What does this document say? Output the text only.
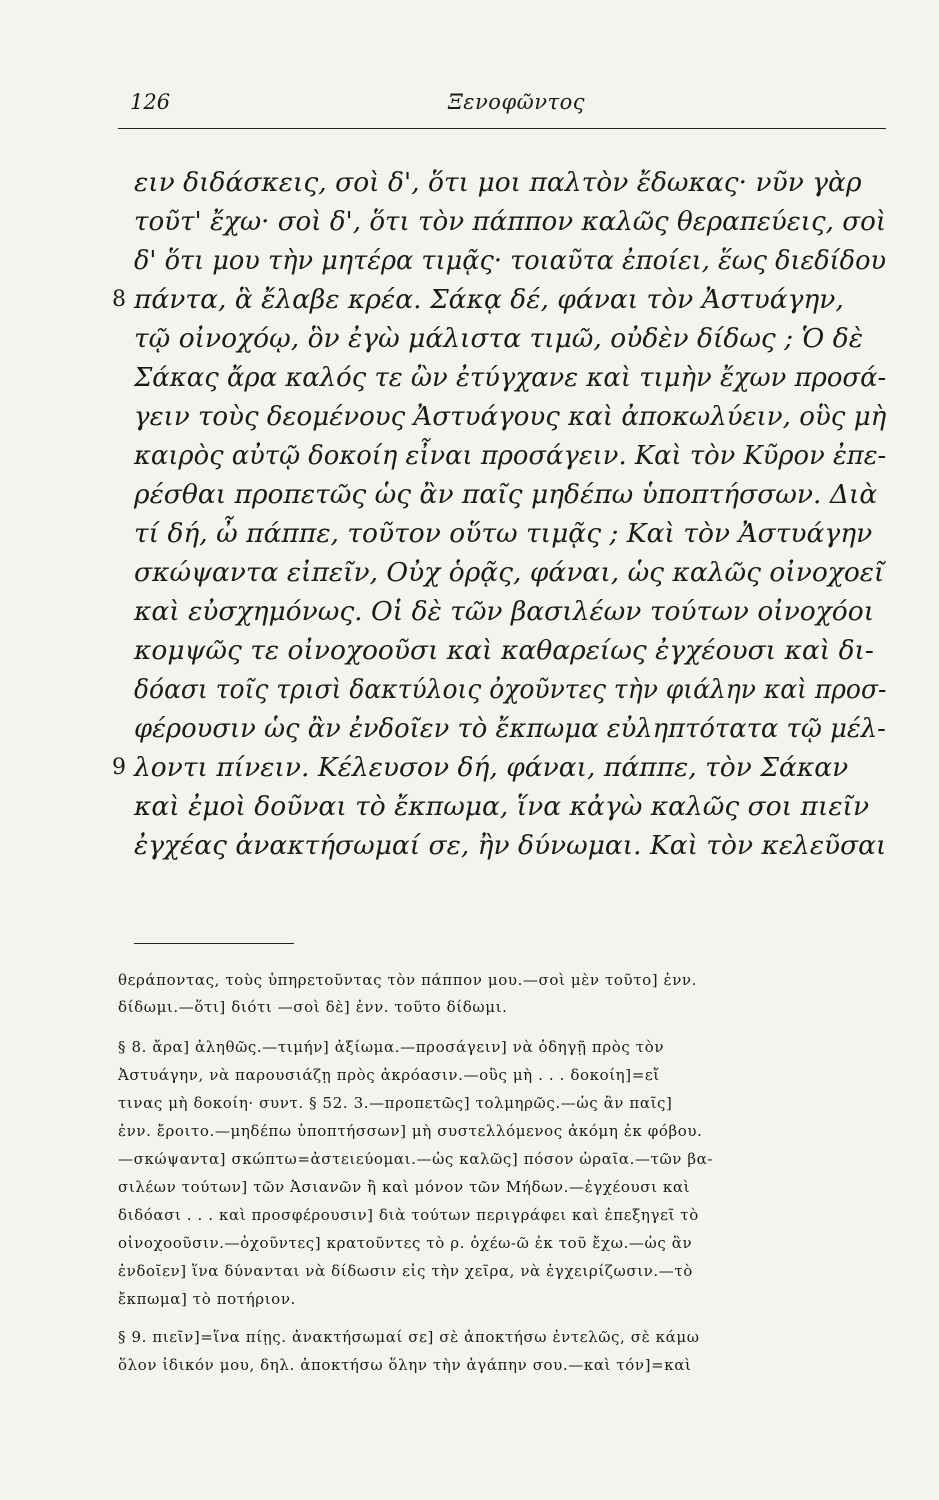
126	Ξενοφῶντος
ειν διδάσκεις, σοὶ δ', ὅτι μοι παλτὸν ἔδωκας· νῦν γὰρ
τοῦτ' ἔχω· σοὶ δ', ὅτι τὸν πάππον καλῶς θεραπεύεις, σοὶ
δ' ὅτι μου τὴν μητέρα τιμᾷς· τοιαῦτα ἐποίει, ἕως διεδίδου
8 πάντα, ἃ ἔλαβε κρέα. Σάκᾳ δέ, φάναι τὸν Ἀστυάγην,
τῷ οἰνοχόῳ, ὃν ἐγὼ μάλιστα τιμῶ, οὐδὲν δίδως ; Ὁ δὲ
Σάκας ἄρα καλός τε ὢν ἐτύγχανε καὶ τιμὴν ἔχων προσά-
γειν τοὺς δεομένους Ἀστυάγους καὶ ἀποκωλύειν, οὓς μὴ
καιρὸς αὐτῷ δοκοίη εἶναι προσάγειν. Καὶ τὸν Κῦρον ἐπε-
ρέσθαι προπετῶς ὡς ἂν παῖς μηδέπω ὑποπτήσσων. Διὰ
τί δή, ὦ πάππε, τοῦτον οὕτω τιμᾷς ; Καὶ τὸν Ἀστυάγην
σκώψαντα εἰπεῖν, Οὐχ ὁρᾷς, φάναι, ὡς καλῶς οἰνοχοεῖ
καὶ εὐσχημόνως. Οἱ δὲ τῶν βασιλέων τούτων οἰνοχόοι
κομψῶς τε οἰνοχοοῦσι καὶ καθαρείως ἐγχέουσι καὶ δι-
δόασι τοῖς τρισὶ δακτύλοις ὀχοῦντες τὴν φιάλην καὶ προσ-
φέρουσιν ὡς ἂν ἐνδοῖεν τὸ ἔκπωμα εὐληπτότατα τῷ μέλ-
9 λοντι πίνειν. Κέλευσον δή, φάναι, πάππε, τὸν Σάκαν
καὶ ἐμοὶ δοῦναι τὸ ἔκπωμα, ἵνα κἀγὼ καλῶς σοι πιεῖν
ἐγχέας ἀνακτήσωμαί σε, ἢν δύνωμαι. Καὶ τὸν κελεῦσαι
θεράποντας, τοὺς ὑπηρετοῦντας τὸν πάππον μου.—σοὶ μὲν τοῦτο] ἐνν.
δίδωμι.—ὅτι] διότι —σοὶ δὲ] ἐνν. τοῦτο δίδωμι.
§ 8. ἄρα] ἀληθῶς.—τιμήν] ἀξίωμα.—προσάγειν] νὰ ὁδηγῇ πρὸς τὸν
Ἀστυάγην, νὰ παρουσιάζῃ πρὸς ἀκρόασιν.—οὓς μὴ . . . δοκοίη]=εἴ
τινας μὴ δοκοίη· συντ. § 52. 3.—προπετῶς] τολμηρῶς.—ὡς ἂν παῖς]
ἐνν. ἔροιτο.—μηδέπω ὑποπτήσσων] μὴ συστελλόμενος ἀκόμη ἐκ φόβου.
—σκώψαντα] σκώπτω=ἀστειεύομαι.—ὡς καλῶς] πόσον ὡραῖα.—τῶν βα-
σιλέων τούτων] τῶν Ἀσιανῶν ἢ καὶ μόνον τῶν Μήδων.—ἐγχέουσι καὶ
διδόασι . . . καὶ προσφέρουσιν] διὰ τούτων περιγράφει καὶ ἐπεξηγεῖ τὸ
οἰνοχοοῦσιν.—ὀχοῦντες] κρατοῦντες τὸ ρ. ὀχέω-ῶ ἐκ τοῦ ἔχω.—ὡς ἂν
ἐνδοῖεν] ἵνα δύνανται νὰ δίδωσιν εἰς τὴν χεῖρα, νὰ ἐγχειρίζωσιν.—τὸ
ἔκπωμα] τὸ ποτήριον.
§ 9. πιεῖν]=ἵνα πίῃς. ἀνακτήσωμαί σε] σὲ ἀποκτήσω ἐντελῶς, σὲ κάμω
ὅλον ἰδικόν μου, δηλ. ἀποκτήσω ὅλην τὴν ἀγάπην σου.—καὶ τόν]=καὶ
